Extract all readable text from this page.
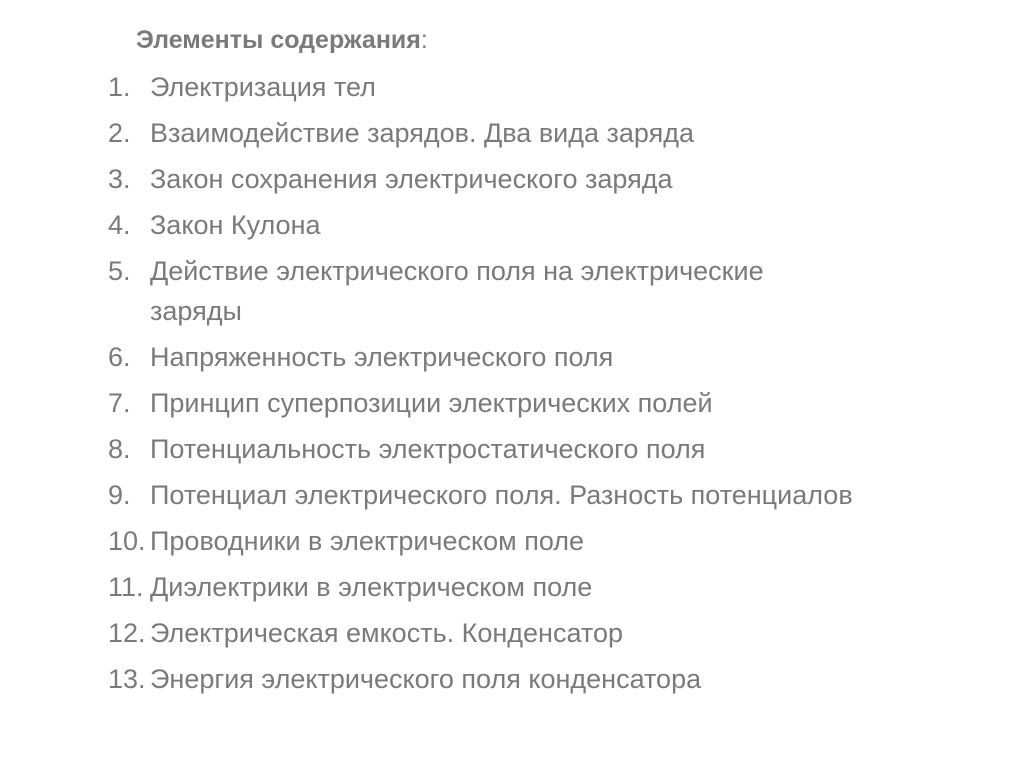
Элементы содержания:
1. Электризация тел
2. Взаимодействие зарядов. Два вида заряда
3. Закон сохранения электрического заряда
4. Закон Кулона
5. Действие электрического поля на электрические заряды
6. Напряженность электрического поля
7. Принцип суперпозиции электрических полей
8. Потенциальность электростатического поля
9. Потенциал электрического поля. Разность потенциалов
10. Проводники в электрическом поле
11. Диэлектрики в электрическом поле
12. Электрическая емкость. Конденсатор
13. Энергия электрического поля конденсатора
